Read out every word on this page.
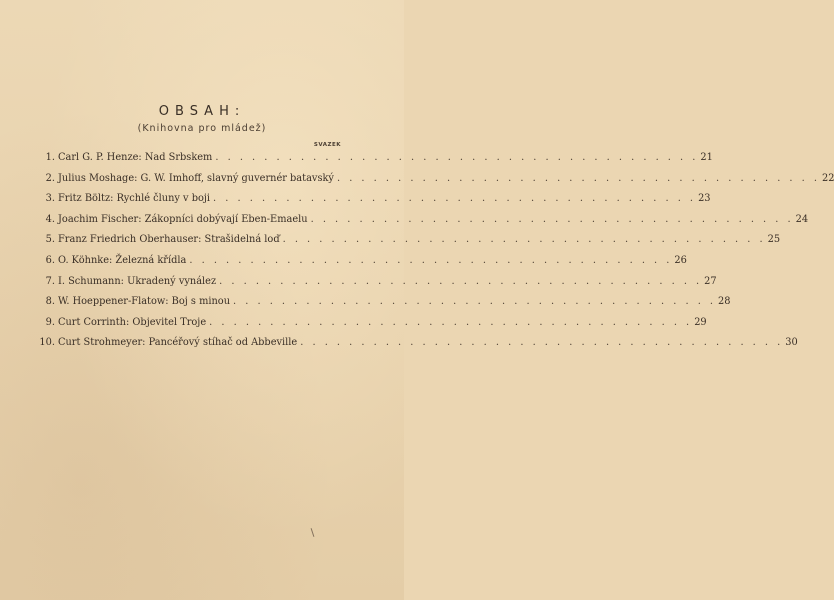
OBSAH:
(Knihovna pro mládež)
SVAZEK
1. Carl G. P. Henze: Nad Srbskem . . .	21
2. Julius Moshage: G. W. Imhoff, slavný guvernér batavský . . .	22
3. Fritz Böltz: Rychlé čluny v boji . . .	23
4. Joachim Fischer: Zákopníci dobývají Eben-Emaelu . . .	24
5. Franz Friedrich Oberhauser: Strašidelná loď . . .	25
6. O. Köhnke: Železná křídla . . .	26
7. I. Schumann: Ukradený vynález . . .	27
8. W. Hoeppener-Flatow: Boj s minou . . .	28
9. Curt Corrinth: Objevitel Troje . . .	29
10. Curt Strohmeyer: Pancéřový stíhač od Abbeville . . .	30
